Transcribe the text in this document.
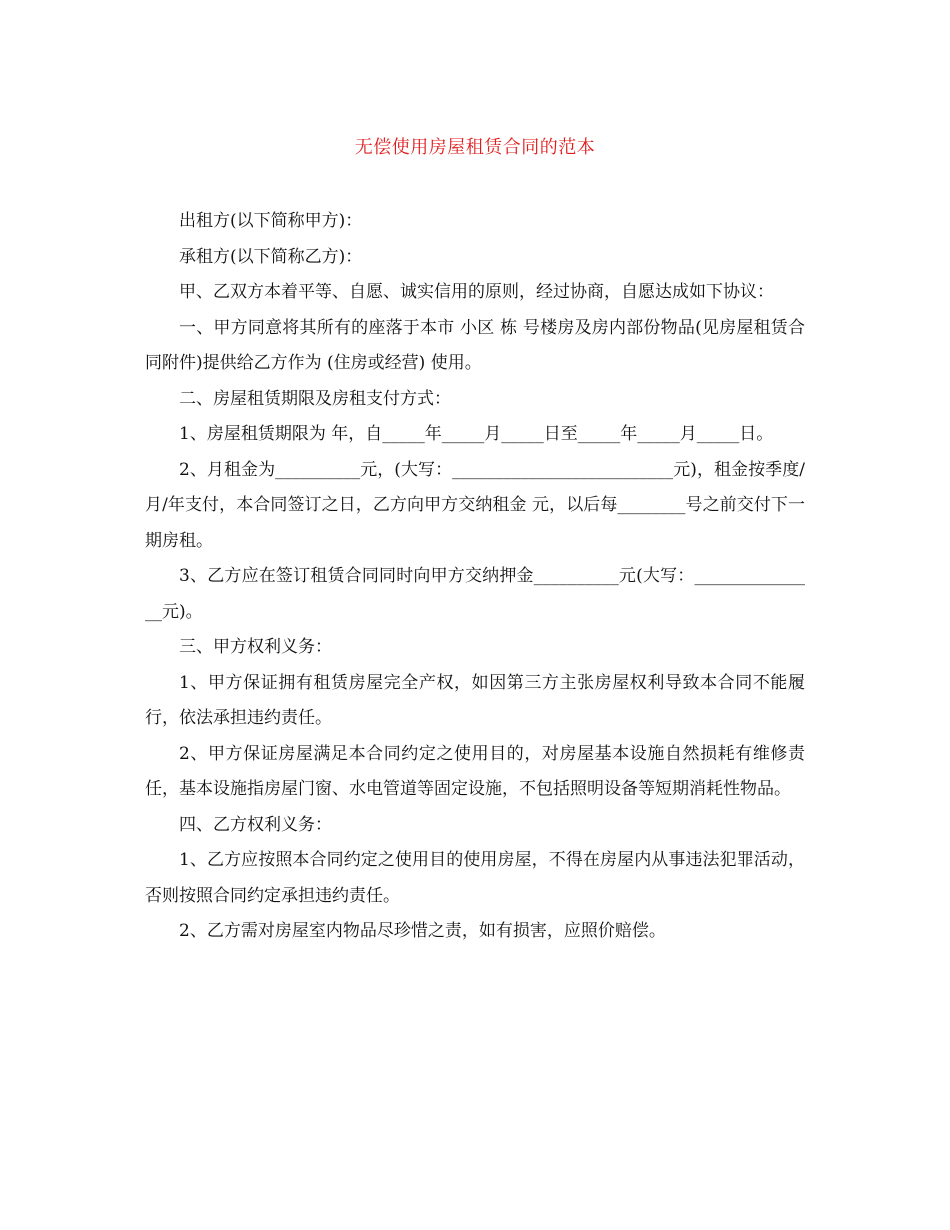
无偿使用房屋租赁合同的范本

出租方(以下简称甲方)：

承租方(以下简称乙方)：

甲、乙双方本着平等、自愿、诚实信用的原则，经过协商，自愿达成如下协议：

一、甲方同意将其所有的座落于本市 小区 栋 号楼房及房内部份物品(见房屋租赁合同附件)提供给乙方作为 (住房或经营) 使用。

二、房屋租赁期限及房租支付方式：

1、房屋租赁期限为 年，自_____年_____月_____日至_____年_____月_____日。

2、月租金为__________元，(大写：__________________________元)，租金按季度/月/年支付，本合同签订之日，乙方向甲方交纳租金 元，以后每________号之前交付下一期房租。

3、乙方应在签订租赁合同同时向甲方交纳押金__________元(大写：_______________元)。

三、甲方权利义务：

1、甲方保证拥有租赁房屋完全产权，如因第三方主张房屋权利导致本合同不能履行，依法承担违约责任。

2、甲方保证房屋满足本合同约定之使用目的，对房屋基本设施自然损耗有维修责任，基本设施指房屋门窗、水电管道等固定设施，不包括照明设备等短期消耗性物品。

四、乙方权利义务：

1、乙方应按照本合同约定之使用目的使用房屋，不得在房屋内从事违法犯罪活动，否则按照合同约定承担违约责任。

2、乙方需对房屋室内物品尽珍惜之责，如有损害，应照价赔偿。
